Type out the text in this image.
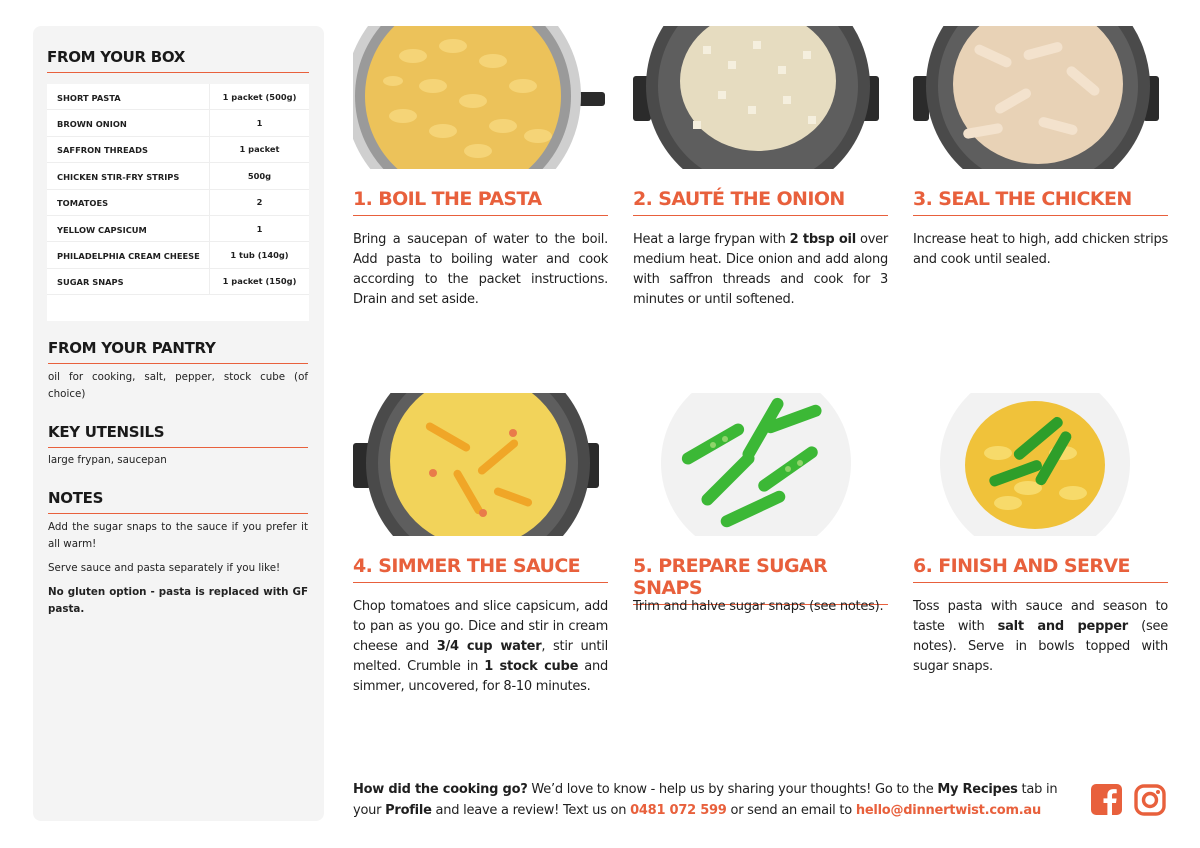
FROM YOUR BOX
SHORT PASTA	1 packet (500g)
BROWN ONION	1
SAFFRON THREADS	1 packet
CHICKEN STIR-FRY STRIPS	500g
TOMATOES	2
YELLOW CAPSICUM	1
PHILADELPHIA CREAM CHEESE	1 tub (140g)
SUGAR SNAPS	1 packet (150g)
FROM YOUR PANTRY
oil for cooking, salt, pepper, stock cube (of choice)
KEY UTENSILS
large frypan, saucepan
NOTES
Add the sugar snaps to the sauce if you prefer it all warm!
Serve sauce and pasta separately if you like!
No gluten option - pasta is replaced with GF pasta.
1. BOIL THE PASTA
Bring a saucepan of water to the boil. Add pasta to boiling water and cook according to the packet instructions. Drain and set aside.
2. SAUTÉ THE ONION
Heat a large frypan with 2 tbsp oil over medium heat. Dice onion and add along with saffron threads and cook for 3 minutes or until softened.
3. SEAL THE CHICKEN
Increase heat to high, add chicken strips and cook until sealed.
4. SIMMER THE SAUCE
Chop tomatoes and slice capsicum, add to pan as you go. Dice and stir in cream cheese and 3/4 cup water, stir until melted. Crumble in 1 stock cube and simmer, uncovered, for 8-10 minutes.
5. PREPARE SUGAR SNAPS
Trim and halve sugar snaps (see notes).
6. FINISH AND SERVE
Toss pasta with sauce and season to taste with salt and pepper (see notes). Serve in bowls topped with sugar snaps.
How did the cooking go? We’d love to know - help us by sharing your thoughts! Go to the My Recipes tab in your Profile and leave a review! Text us on 0481 072 599 or send an email to hello@dinnertwist.com.au
